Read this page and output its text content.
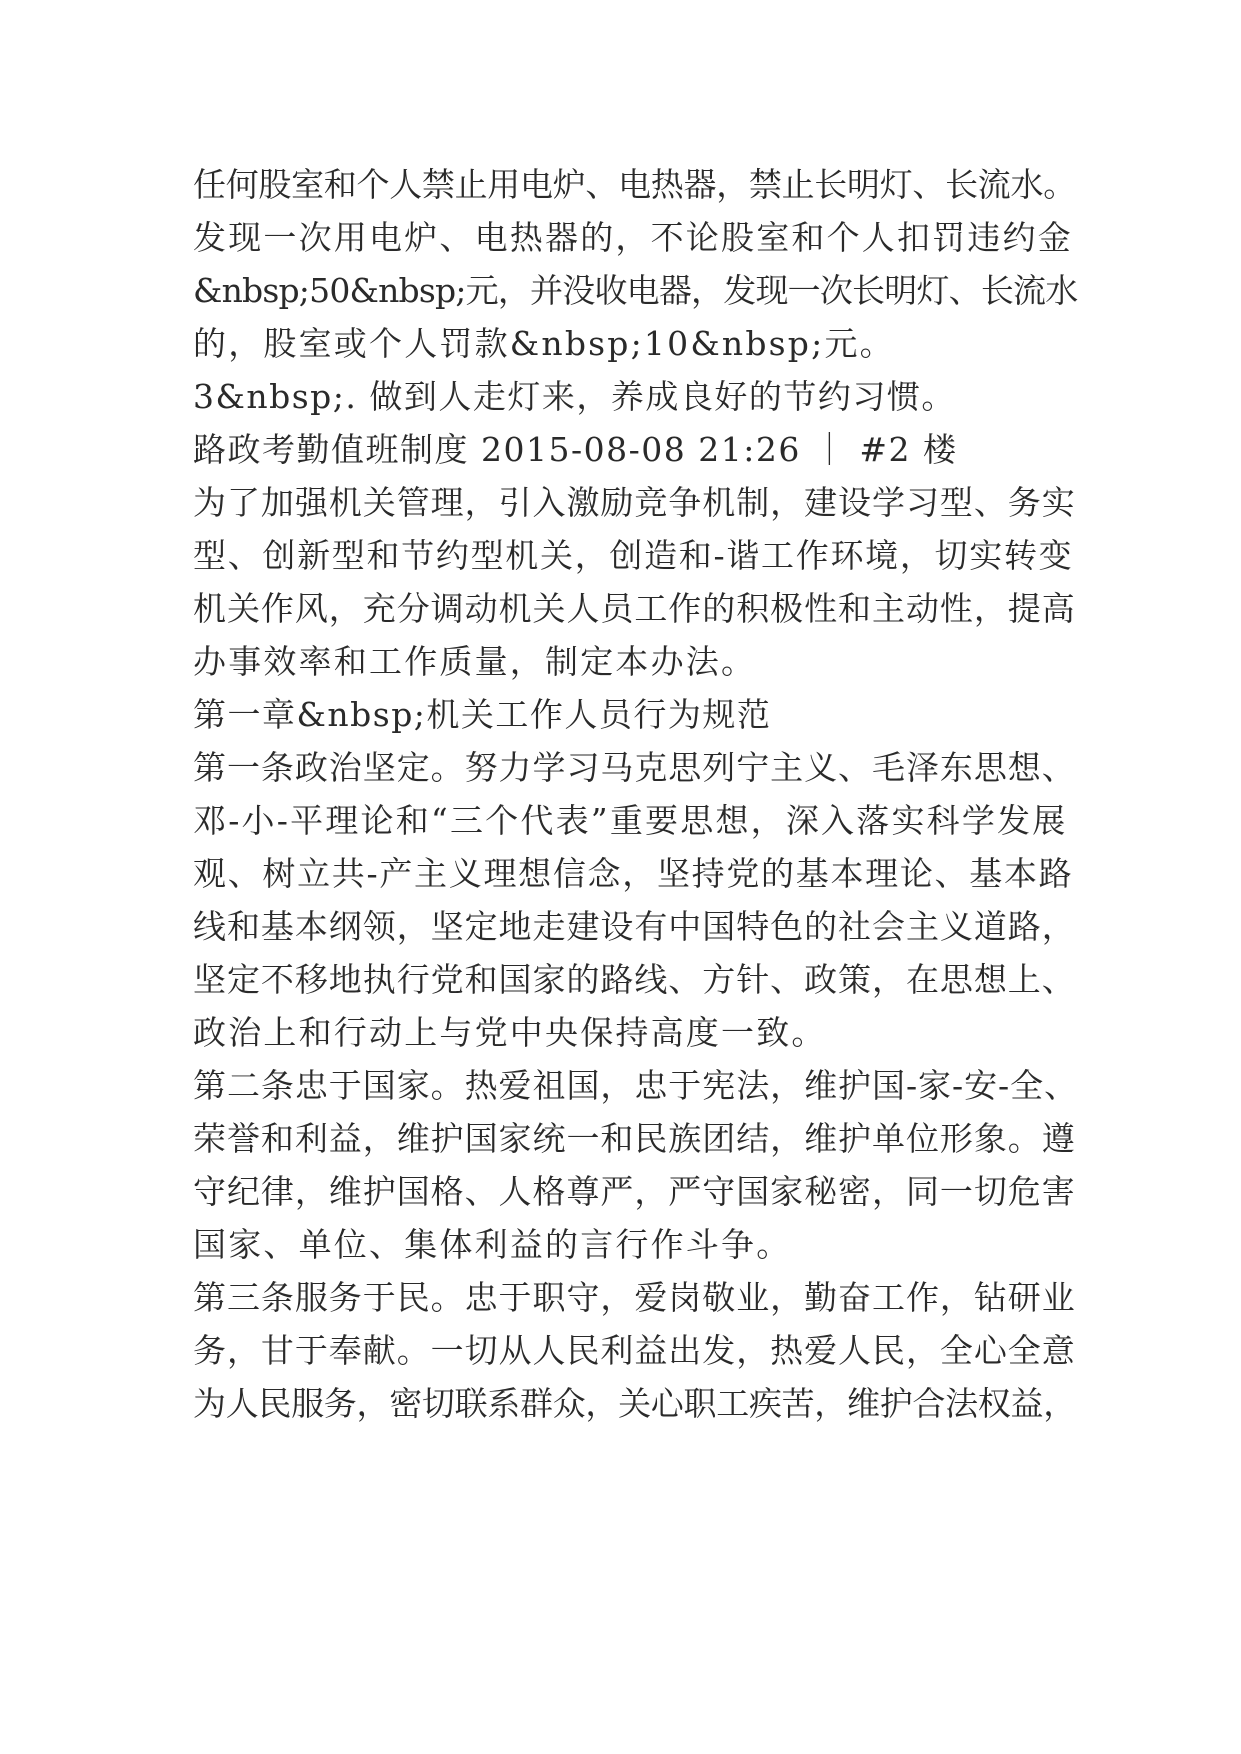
任何股室和个人禁止用电炉、电热器，禁止长明灯、长流水。
发现一次用电炉、电热器的，不论股室和个人扣罚违约金
&nbsp;50&nbsp;元，并没收电器，发现一次长明灯、长流水
的，股室或个人罚款&nbsp;10&nbsp;元。
3&nbsp;. 做到人走灯来，养成良好的节约习惯。
路政考勤值班制度 2015-08-08 21:26 ｜ #2 楼
为了加强机关管理，引入激励竞争机制，建设学习型、务实
型、创新型和节约型机关，创造和-谐工作环境，切实转变
机关作风，充分调动机关人员工作的积极性和主动性，提高
办事效率和工作质量，制定本办法。
第一章&nbsp;机关工作人员行为规范
第一条政治坚定。努力学习马克思列宁主义、毛泽东思想、
邓-小-平理论和“三个代表”重要思想，深入落实科学发展
观、树立共-产主义理想信念，坚持党的基本理论、基本路
线和基本纲领，坚定地走建设有中国特色的社会主义道路，
坚定不移地执行党和国家的路线、方针、政策，在思想上、
政治上和行动上与党中央保持高度一致。
第二条忠于国家。热爱祖国，忠于宪法，维护国-家-安-全、
荣誉和利益，维护国家统一和民族团结，维护单位形象。遵
守纪律，维护国格、人格尊严，严守国家秘密，同一切危害
国家、单位、集体利益的言行作斗争。
第三条服务于民。忠于职守，爱岗敬业，勤奋工作，钻研业
务，甘于奉献。一切从人民利益出发，热爱人民，全心全意
为人民服务，密切联系群众，关心职工疾苦，维护合法权益，
